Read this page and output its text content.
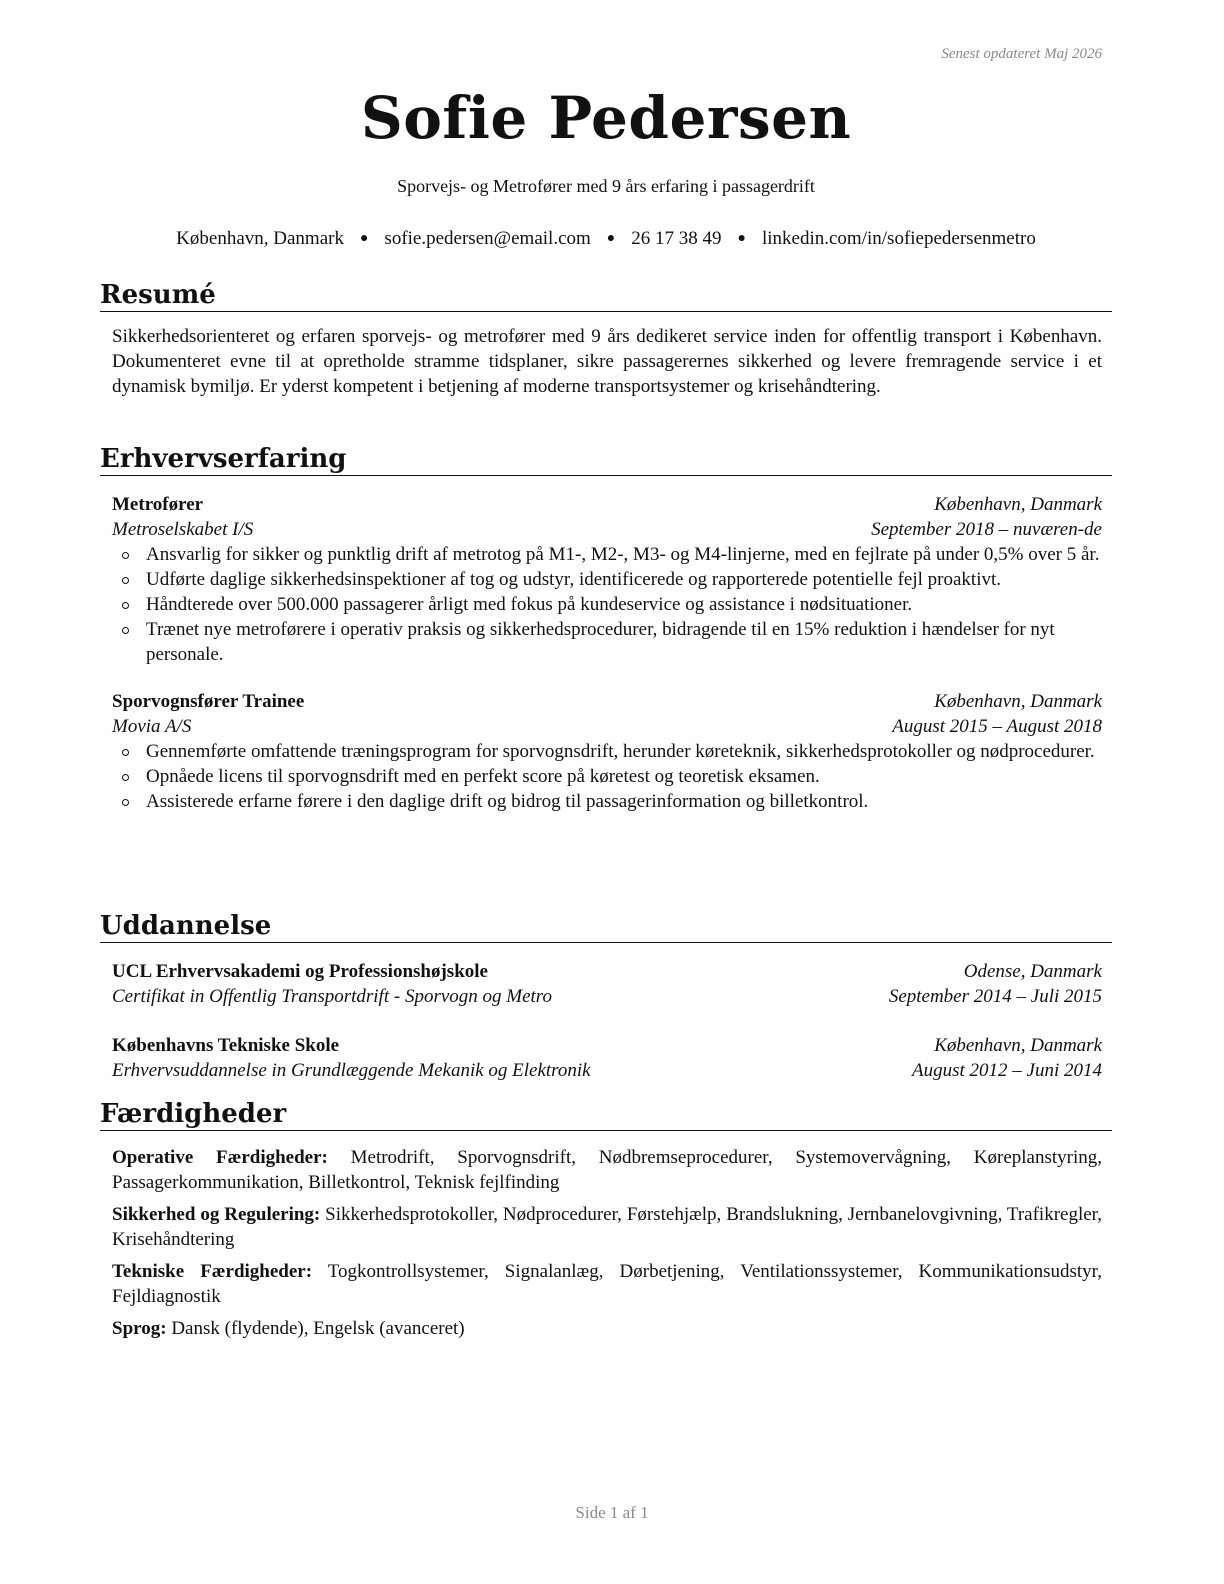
Senest opdateret Maj 2026
Sofie Pedersen
Sporvejs- og Metrofører med 9 års erfaring i passagerdrift
København, Danmark ● sofie.pedersen@email.com ● 26 17 38 49 ● linkedin.com/in/sofiepedersenmetro
Resumé
Sikkerhedsorienteret og erfaren sporvejs- og metrofører med 9 års dedikeret service inden for offentlig transport i København. Dokumenteret evne til at opretholde stramme tidsplaner, sikre passagerernes sikkerhed og levere fremragende service i et dynamisk bymiljø. Er yderst kompetent i betjening af moderne transportsystemer og krisehåndtering.
Erhvervserfaring
Metrofører	København, Danmark
Metroselskabet I/S	September 2018 – nuværen-de
Ansvarlig for sikker og punktlig drift af metrotog på M1-, M2-, M3- og M4-linjerne, med en fejlrate på under 0,5% over 5 år.
Udførte daglige sikkerhedsinspektioner af tog og udstyr, identificerede og rapporterede potentielle fejl proaktivt.
Håndterede over 500.000 passagerer årligt med fokus på kundeservice og assistance i nødsituationer.
Trænet nye metroførere i operativ praksis og sikkerhedsprocedurer, bidragende til en 15% reduktion i hændelser for nyt personale.
Sporvognsfører Trainee	København, Danmark
Movia A/S	August 2015 – August 2018
Gennemførte omfattende træningsprogram for sporvognsdrift, herunder køreteknik, sikkerhedsprotokoller og nødprocedurer.
Opnåede licens til sporvognsdrift med en perfekt score på køretest og teoretisk eksamen.
Assisterede erfarne førere i den daglige drift og bidrog til passagerinformation og billetkontrol.
Uddannelse
UCL Erhvervsakademi og Professionshøjskole	Odense, Danmark
Certifikat in Offentlig Transportdrift - Sporvogn og Metro	September 2014 – Juli 2015
Københavns Tekniske Skole	København, Danmark
Erhvervsuddannelse in Grundlæggende Mekanik og Elektronik	August 2012 – Juni 2014
Færdigheder
Operative Færdigheder: Metrodrift, Sporvognsdrift, Nødbremseprocedurer, Systemovervågning, Køreplanstyring, Passagerkommunikation, Billetkontrol, Teknisk fejlfinding
Sikkerhed og Regulering: Sikkerhedsprotokoller, Nødprocedurer, Førstehjælp, Brandslukning, Jernbanelovgivning, Trafikregler, Krisehåndtering
Tekniske Færdigheder: Togkontrollsystemer, Signalanlæg, Dørbetjening, Ventilationssystemer, Kommunikationsudstyr, Fejldiagnostik
Sprog: Dansk (flydende), Engelsk (avanceret)
Side 1 af 1
